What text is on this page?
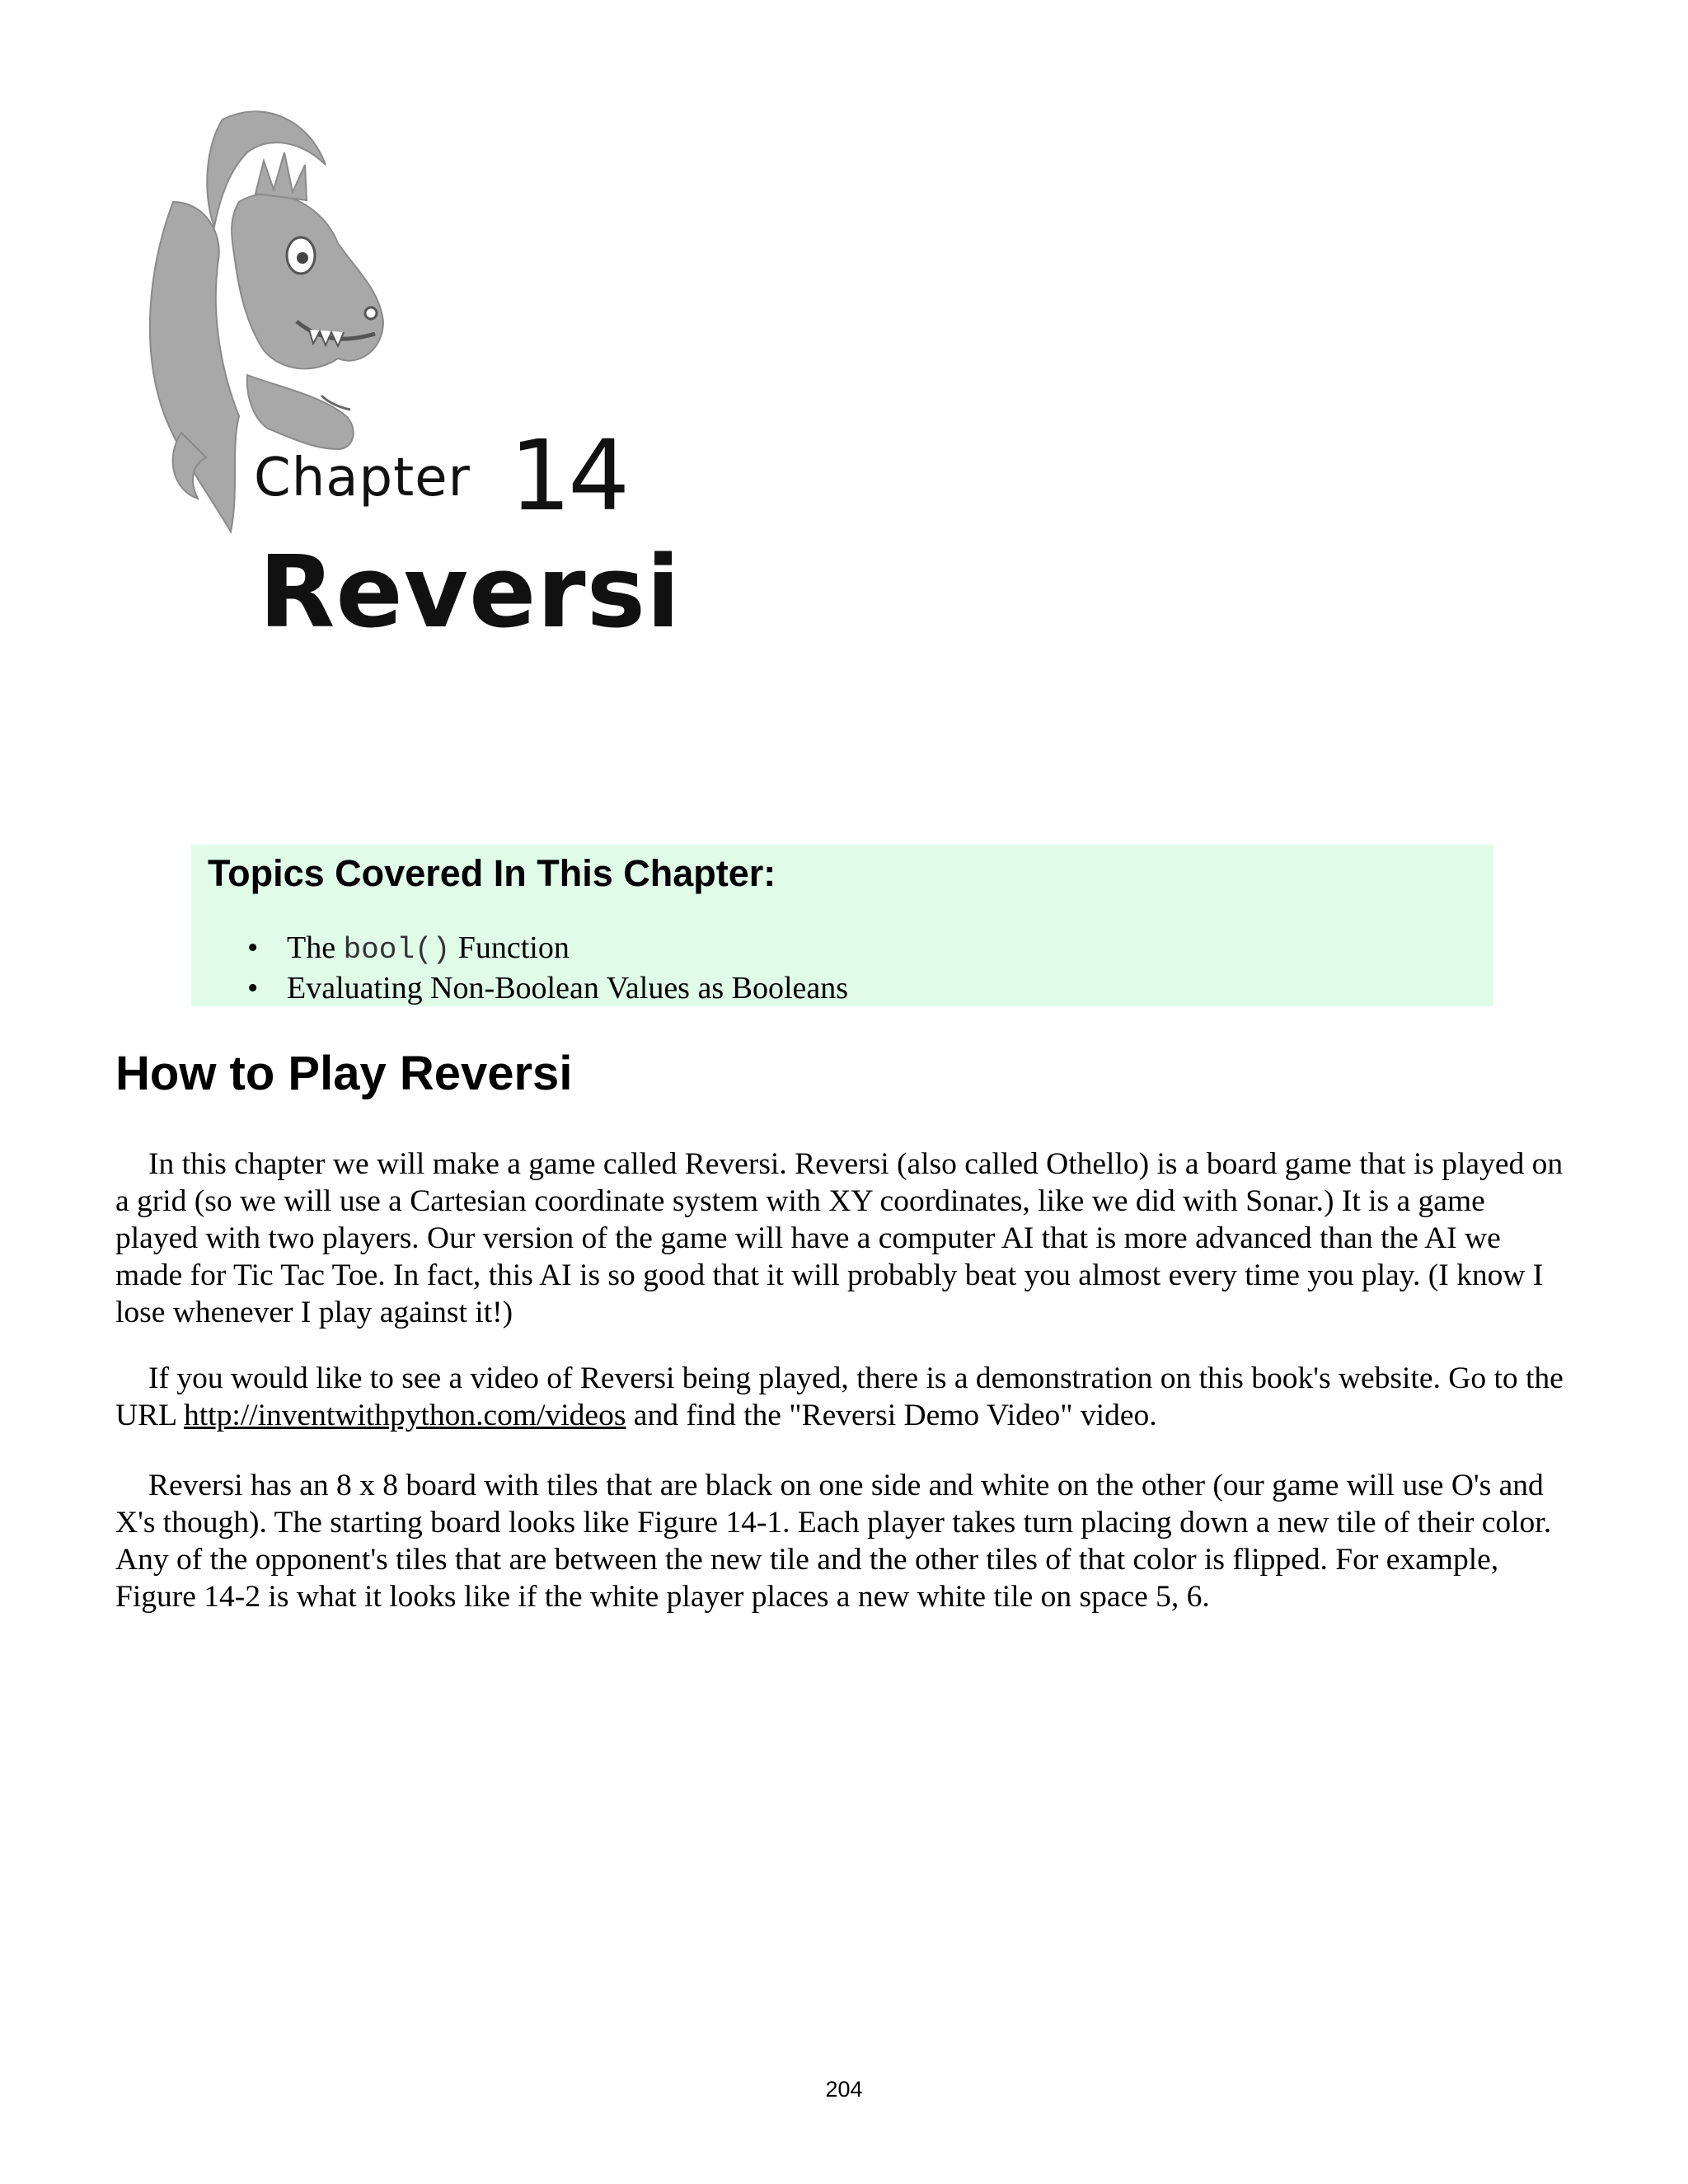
Chapter 14
Reversi
Topics Covered In This Chapter:
• The bool() Function
• Evaluating Non-Boolean Values as Booleans
How to Play Reversi

In this chapter we will make a game called Reversi. Reversi (also called Othello) is a board game that is played on a grid (so we will use a Cartesian coordinate system with XY coordinates, like we did with Sonar.) It is a game played with two players. Our version of the game will have a computer AI that is more advanced than the AI we made for Tic Tac Toe. In fact, this AI is so good that it will probably beat you almost every time you play. (I know I lose whenever I play against it!)

If you would like to see a video of Reversi being played, there is a demonstration on this book's website. Go to the URL http://inventwithpython.com/videos and find the "Reversi Demo Video" video.

Reversi has an 8 x 8 board with tiles that are black on one side and white on the other (our game will use O's and X's though). The starting board looks like Figure 14-1. Each player takes turn placing down a new tile of their color. Any of the opponent's tiles that are between the new tile and the other tiles of that color is flipped. For example, Figure 14-2 is what it looks like if the white player places a new white tile on space 5, 6.

204
